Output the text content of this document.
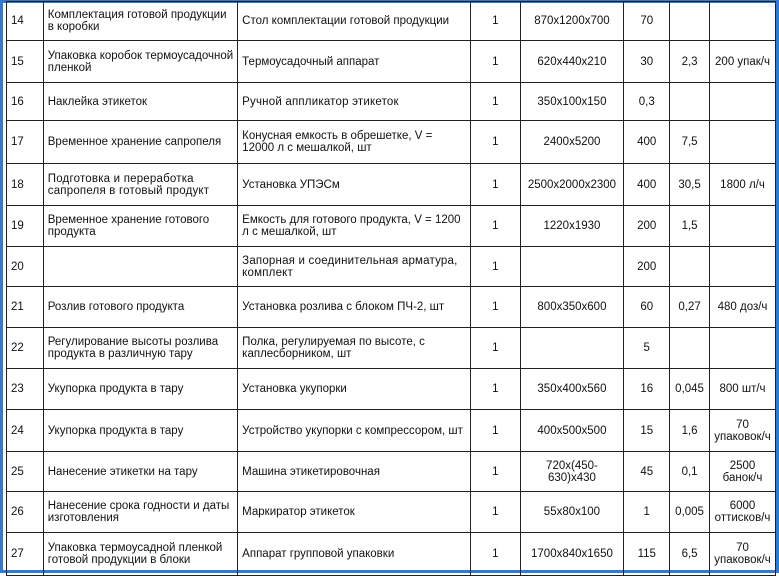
14	Комплектация готовой продукции в коробки	Стол комплектации готовой продукции	1	870x1200x700	70		
15	Упаковка коробок термоусадочной пленкой	Термоусадочный аппарат	1	620x440x210	30	2,3	200 упак/ч
16	Наклейка этикеток	Ручной аппликатор этикеток	1	350x100x150	0,3		
17	Временное хранение сапропеля	Конусная емкость в обрешетке, V = 12000 л с мешалкой, шт	1	2400x5200	400	7,5	
18	Подготовка и переработка сапропеля в готовый продукт	Установка УПЭСм	1	2500x2000x2300	400	30,5	1800 л/ч
19	Временное хранение готового продукта	Емкость для готового продукта, V = 1200 л с мешалкой, шт	1	1220x1930	200	1,5	
20		Запорная и соединительная арматура, комплект	1		200		
21	Розлив готового продукта	Установка розлива с блоком ПЧ-2, шт	1	800x350x600	60	0,27	480 доз/ч
22	Регулирование высоты розлива продукта в различную тару	Полка, регулируемая по высоте, с каплесборником, шт	1		5		
23	Укупорка продукта в тару	Установка укупорки	1	350x400x560	16	0,045	800 шт/ч
24	Укупорка продукта в тару	Устройство укупорки с компрессором, шт	1	400x500x500	15	1,6	70 упаковок/ч
25	Нанесение этикетки на тару	Машина этикетировочная	1	720x(450-630)x430	45	0,1	2500 банок/ч
26	Нанесение срока годности и даты изготовления	Маркиратор этикеток	1	55x80x100	1	0,005	6000 оттисков/ч
27	Упаковка термоусадной пленкой готовой продукции в блоки	Аппарат групповой упаковки	1	1700x840x1650	115	6,5	70 упаковок/ч
